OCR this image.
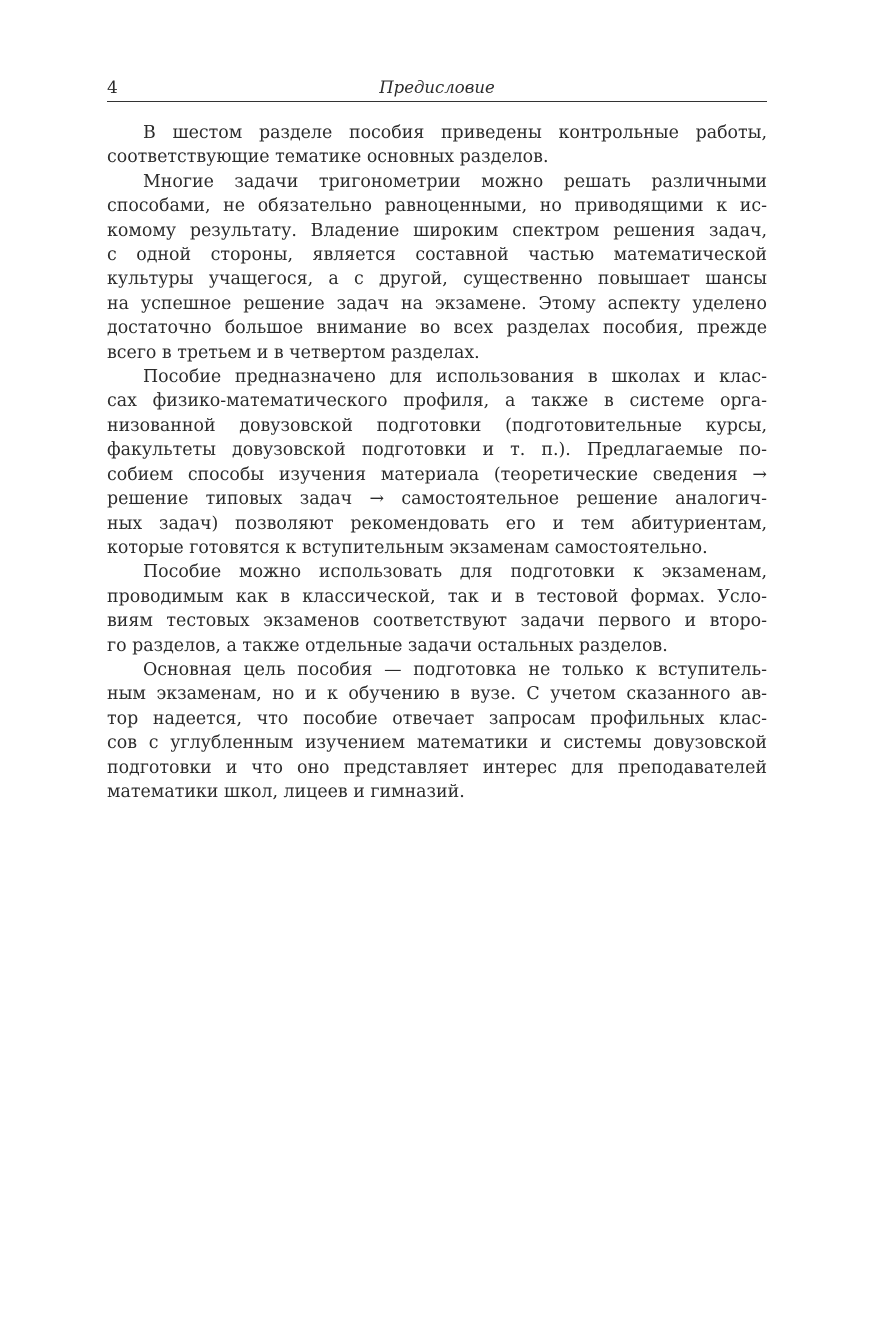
4	Предисловие
В шестом разделе пособия приведены контрольные работы,
соответствующие тематике основных разделов.
Многие задачи тригонометрии можно решать различными
способами, не обязательно равноценными, но приводящими к ис-
комому результату. Владение широким спектром решения задач,
с одной стороны, является составной частью математической
культуры учащегося, а с другой, существенно повышает шансы
на успешное решение задач на экзамене. Этому аспекту уделено
достаточно большое внимание во всех разделах пособия, прежде
всего в третьем и в четвертом разделах.
Пособие предназначено для использования в школах и клас-
сах физико-математического профиля, а также в системе орга-
низованной довузовской подготовки (подготовительные курсы,
факультеты довузовской подготовки и т. п.). Предлагаемые по-
собием способы изучения материала (теоретические сведения →
решение типовых задач → самостоятельное решение аналогич-
ных задач) позволяют рекомендовать его и тем абитуриентам,
которые готовятся к вступительным экзаменам самостоятельно.
Пособие можно использовать для подготовки к экзаменам,
проводимым как в классической, так и в тестовой формах. Усло-
виям тестовых экзаменов соответствуют задачи первого и второ-
го разделов, а также отдельные задачи остальных разделов.
Основная цель пособия — подготовка не только к вступитель-
ным экзаменам, но и к обучению в вузе. С учетом сказанного ав-
тор надеется, что пособие отвечает запросам профильных клас-
сов с углубленным изучением математики и системы довузовской
подготовки и что оно представляет интерес для преподавателей
математики школ, лицеев и гимназий.
